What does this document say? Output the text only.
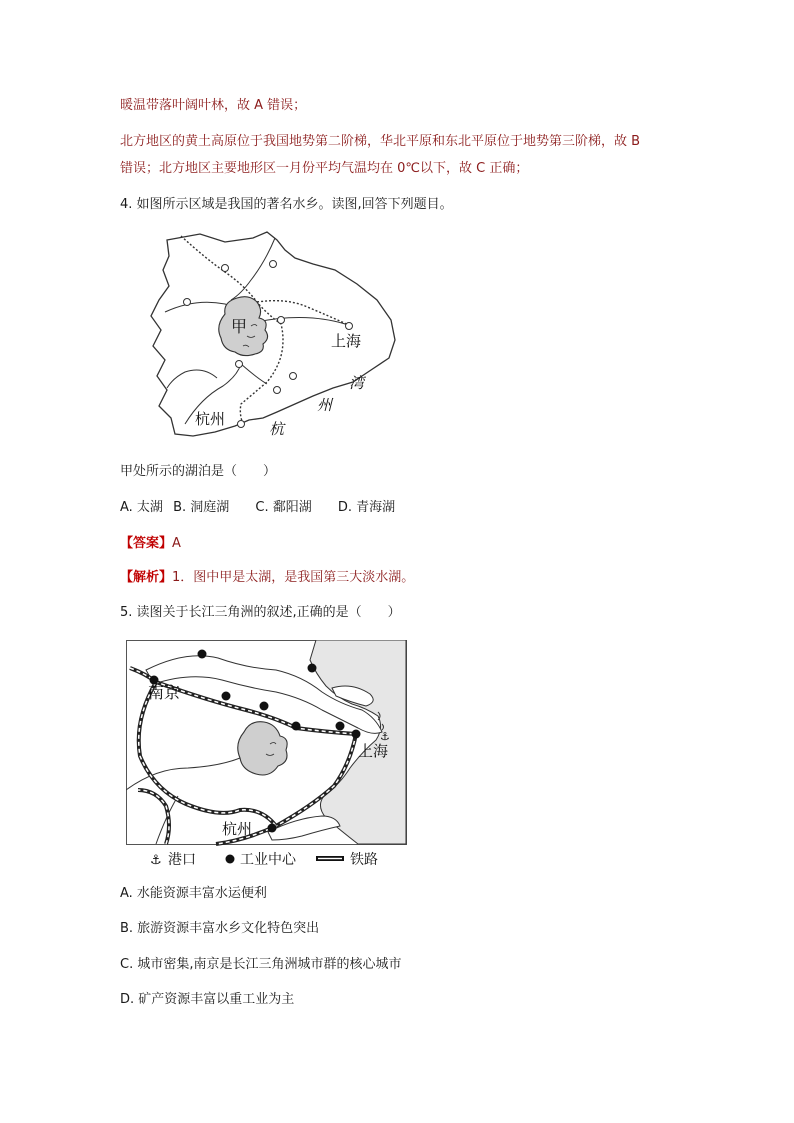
暖温带落叶阔叶林，故 A 错误；
北方地区的黄土高原位于我国地势第二阶梯，华北平原和东北平原位于地势第三阶梯，故 B
错误；北方地区主要地形区一月份平均气温均在 0℃以下，故 C 正确；
4. 如图所示区域是我国的著名水乡。读图,回答下列题目。
甲
上海
杭州
湾
州
杭
甲处所示的湖泊是（　　）
A. 太湖 B. 洞庭湖 C. 鄱阳湖 D. 青海湖
【答案】A
【解析】1．图中甲是太湖，是我国第三大淡水湖。
5. 读图关于长江三角洲的叙述,正确的是（　　）
⚓
南京
上海
杭州
⚓ 港口	工业中心	铁路
A. 水能资源丰富水运便利
B. 旅游资源丰富水乡文化特色突出
C. 城市密集,南京是长江三角洲城市群的核心城市
D. 矿产资源丰富以重工业为主
